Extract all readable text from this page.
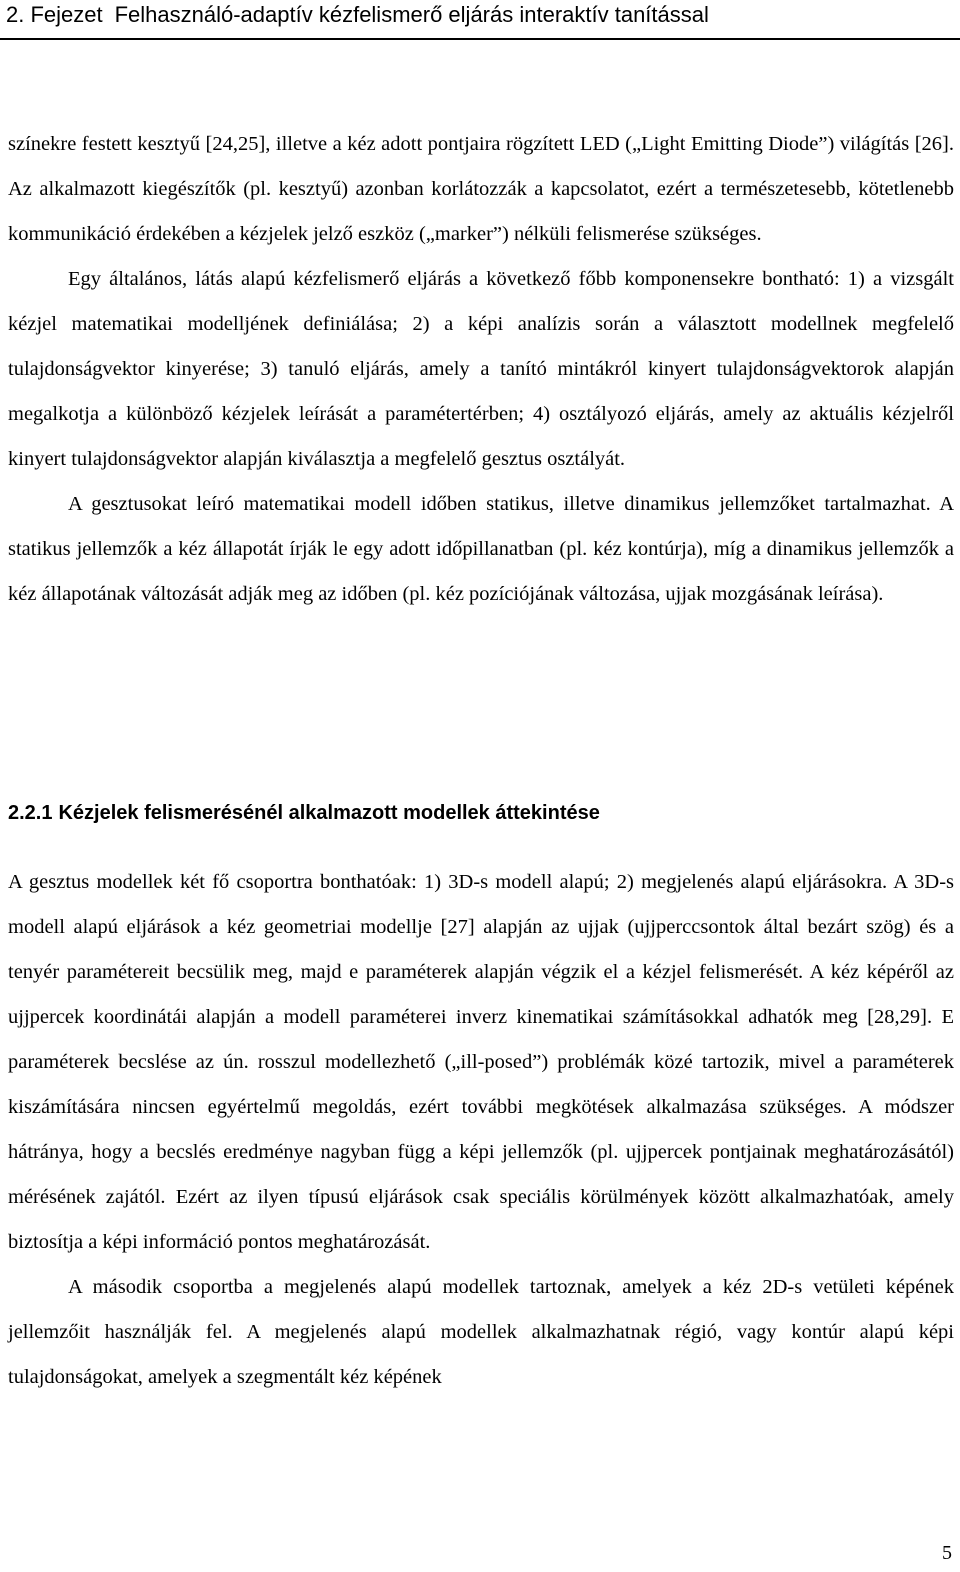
2. Fejezet Felhasználó-adaptív kézfelismerő eljárás interaktív tanítással

színekre festett kesztyű [24,25], illetve a kéz adott pontjaira rögzített LED („Light Emitting Diode”) világítás [26]. Az alkalmazott kiegészítők (pl. kesztyű) azonban korlátozzák a kapcsolatot, ezért a természetesebb, kötetlenebb kommunikáció érdekében a kézjelek jelző eszköz („marker”) nélküli felismerése szükséges.

Egy általános, látás alapú kézfelismerő eljárás a következő főbb komponensekre bontható: 1) a vizsgált kézjel matematikai modelljének definiálása; 2) a képi analízis során a választott modellnek megfelelő tulajdonságvektor kinyerése; 3) tanuló eljárás, amely a tanító mintákról kinyert tulajdonságvektorok alapján megalkotja a különböző kézjelek leírását a paramétertérben; 4) osztályozó eljárás, amely az aktuális kézjelről kinyert tulajdonságvektor alapján kiválasztja a megfelelő gesztus osztályát.

A gesztusokat leíró matematikai modell időben statikus, illetve dinamikus jellemzőket tartalmazhat. A statikus jellemzők a kéz állapotát írják le egy adott időpillanatban (pl. kéz kontúrja), míg a dinamikus jellemzők a kéz állapotának változását adják meg az időben (pl. kéz pozíciójának változása, ujjak mozgásának leírása).

2.2.1 Kézjelek felismerésénél alkalmazott modellek áttekintése

A gesztus modellek két fő csoportra bonthatóak: 1) 3D-s modell alapú; 2) megjelenés alapú eljárásokra. A 3D-s modell alapú eljárások a kéz geometriai modellje [27] alapján az ujjak (ujjperccsontok által bezárt szög) és a tenyér paramétereit becsülik meg, majd e paraméterek alapján végzik el a kézjel felismerését. A kéz képéről az ujjpercek koordinátái alapján a modell paraméterei inverz kinematikai számításokkal adhatók meg [28,29]. E paraméterek becslése az ún. rosszul modellezhető („ill-posed”) problémák közé tartozik, mivel a paraméterek kiszámítására nincsen egyértelmű megoldás, ezért további megkötések alkalmazása szükséges. A módszer hátránya, hogy a becslés eredménye nagyban függ a képi jellemzők (pl. ujjpercek pontjainak meghatározásától) mérésének zajától. Ezért az ilyen típusú eljárások csak speciális körülmények között alkalmazhatóak, amely biztosítja a képi információ pontos meghatározását.

A második csoportba a megjelenés alapú modellek tartoznak, amelyek a kéz 2D-s vetületi képének jellemzőit használják fel. A megjelenés alapú modellek alkalmazhatnak régió, vagy kontúr alapú képi tulajdonságokat, amelyek a szegmentált kéz képének

5
